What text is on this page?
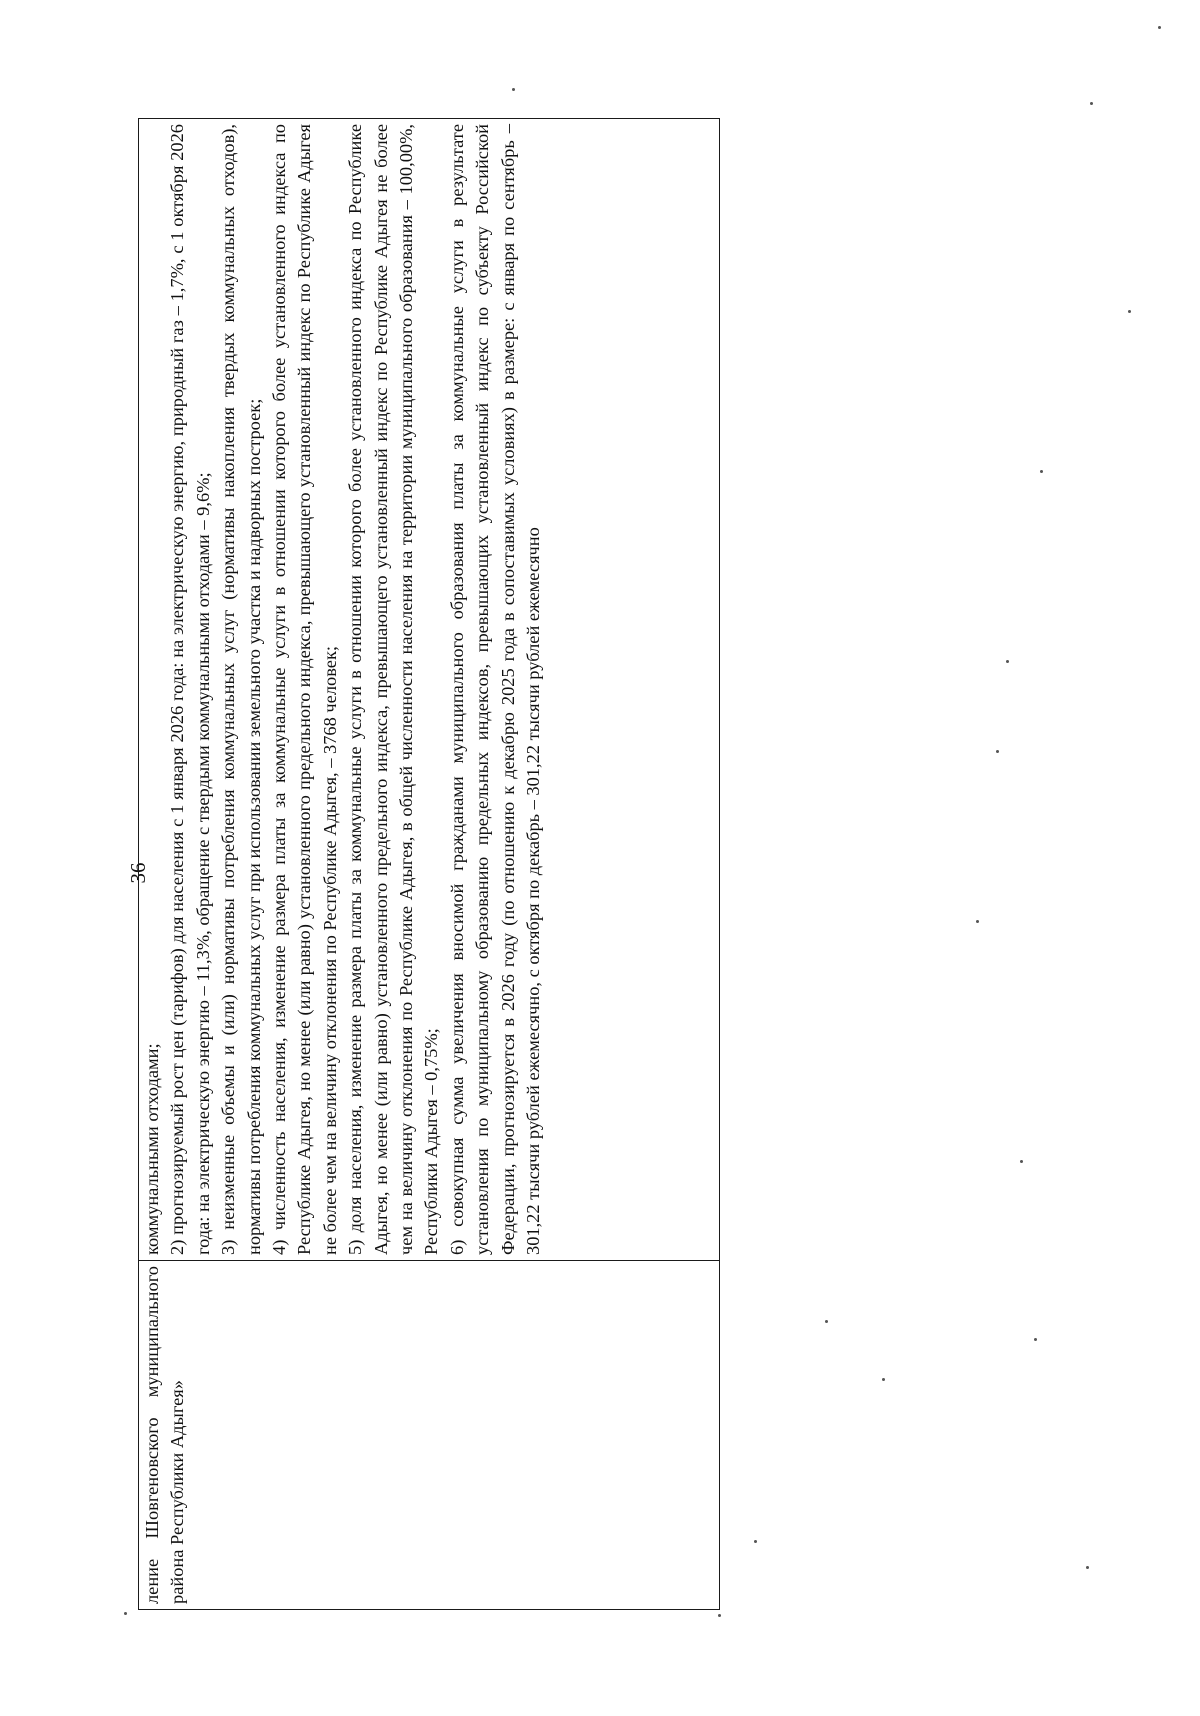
36
ление Шовгеновского муниципального района Республики Адыгея»	
коммунальными отходами; 2) прогнозируемый рост цен (тарифов) для населения с 1 января 2026 года: на электрическую энергию, природный газ – 1,7%, с 1 октября 2026 года: на электрическую энергию – 11,3%, обращение с твердыми коммунальными отходами – 9,6%; 3) неизменные объемы и (или) нормативы потребления коммунальных услуг (нормативы накопления твердых коммунальных отходов), нормативы потребления коммунальных услуг при использовании земельного участка и надворных построек; 4) численность населения, изменение размера платы за коммунальные услуги в отношении которого более установленного индекса по Республике Адыгея, но менее (или равно) установленного предельного индекса, превышающего установленный индекс по Республике Адыгея не более чем на величину отклонения по Республике Адыгея, – 3768 человек; 5) доля населения, изменение размера платы за коммунальные услуги в отношении которого более установленного индекса по Республике Адыгея, но менее (или равно) установленного предельного индекса, превышающего установленный индекс по Республике Адыгея не более чем на величину отклонения по Республике Адыгея, в общей численности населения на территории муниципального образования – 100,00%, Республики Адыгея – 0,75%; 6) совокупная сумма увеличения вносимой гражданами муниципального образования платы за коммунальные услуги в результате установления по муниципальному образованию предельных индексов, превышающих установленный индекс по субъекту Российской Федерации, прогнозируется в 2026 году (по отношению к декабрю 2025 года в сопоставимых условиях) в размере: с января по сентябрь – 301,22 тысячи рублей ежемесячно, с октября по декабрь – 301,22 тысячи рублей ежемесячно
